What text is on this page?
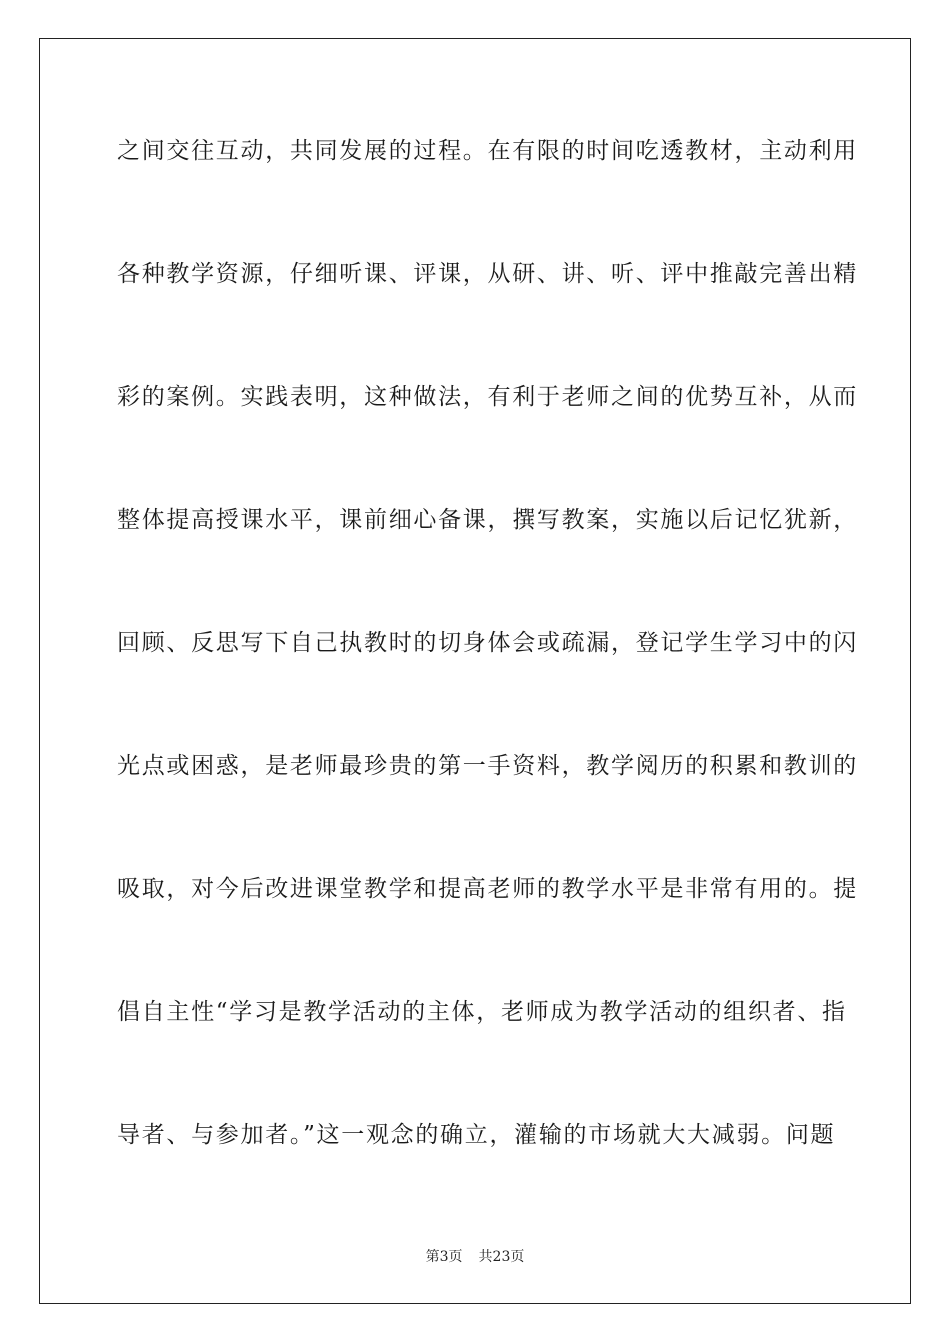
之间交往互动，共同发展的过程。在有限的时间吃透教材，主动利用

各种教学资源，仔细听课、评课，从研、讲、听、评中推敲完善出精

彩的案例。实践表明，这种做法，有利于老师之间的优势互补，从而

整体提高授课水平，课前细心备课，撰写教案，实施以后记忆犹新，

回顾、反思写下自己执教时的切身体会或疏漏，登记学生学习中的闪

光点或困惑，是老师最珍贵的第一手资料，教学阅历的积累和教训的

吸取，对今后改进课堂教学和提高老师的教学水平是非常有用的。提

倡自主性“学习是教学活动的主体，老师成为教学活动的组织者、指

导者、与参加者。”这一观念的确立，灌输的市场就大大减弱。问题

第3页 共23页
